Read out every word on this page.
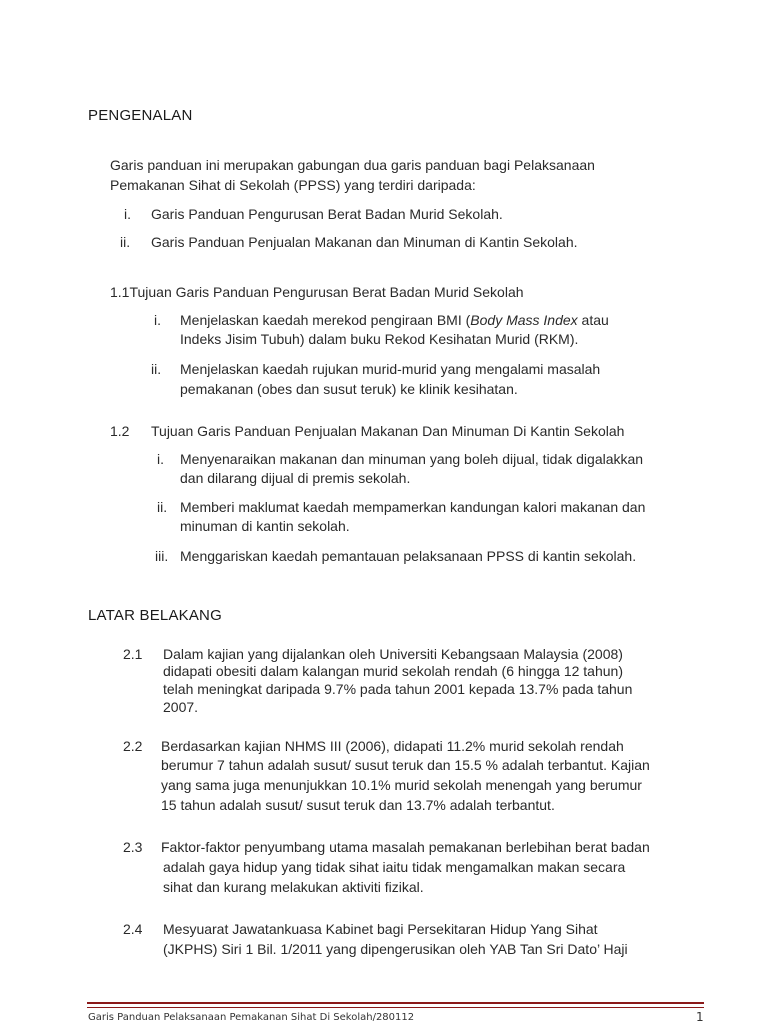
PENGENALAN
Garis panduan ini merupakan gabungan dua garis panduan bagi Pelaksanaan
Pemakanan Sihat di Sekolah (PPSS) yang terdiri daripada:
i. Garis Panduan Pengurusan Berat Badan Murid Sekolah.
ii. Garis Panduan Penjualan Makanan dan Minuman di Kantin Sekolah.
1.1Tujuan Garis Panduan Pengurusan Berat Badan Murid Sekolah
i. Menjelaskan kaedah merekod pengiraan BMI (Body Mass Index atau
Indeks Jisim Tubuh) dalam buku Rekod Kesihatan Murid (RKM).
ii. Menjelaskan kaedah rujukan murid-murid yang mengalami masalah
pemakanan (obes dan susut teruk) ke klinik kesihatan.
1.2 Tujuan Garis Panduan Penjualan Makanan Dan Minuman Di Kantin Sekolah
i. Menyenaraikan makanan dan minuman yang boleh dijual, tidak digalakkan
dan dilarang dijual di premis sekolah.
ii. Memberi maklumat kaedah mempamerkan kandungan kalori makanan dan
minuman di kantin sekolah.
iii. Menggariskan kaedah pemantauan pelaksanaan PPSS di kantin sekolah.
LATAR BELAKANG
2.1 Dalam kajian yang dijalankan oleh Universiti Kebangsaan Malaysia (2008)
didapati obesiti dalam kalangan murid sekolah rendah (6 hingga 12 tahun)
telah meningkat daripada 9.7% pada tahun 2001 kepada 13.7% pada tahun
2007.
2.2 Berdasarkan kajian NHMS III (2006), didapati 11.2% murid sekolah rendah
berumur 7 tahun adalah susut/ susut teruk dan 15.5 % adalah terbantut. Kajian
yang sama juga menunjukkan 10.1% murid sekolah menengah yang berumur
15 tahun adalah susut/ susut teruk dan 13.7% adalah terbantut.
2.3 Faktor-faktor penyumbang utama masalah pemakanan berlebihan berat badan
adalah gaya hidup yang tidak sihat iaitu tidak mengamalkan makan secara
sihat dan kurang melakukan aktiviti fizikal.
2.4 Mesyuarat Jawatankuasa Kabinet bagi Persekitaran Hidup Yang Sihat
(JKPHS) Siri 1 Bil. 1/2011 yang dipengerusikan oleh YAB Tan Sri Dato’ Haji
Garis Panduan Pelaksanaan Pemakanan Sihat Di Sekolah/280112	1
